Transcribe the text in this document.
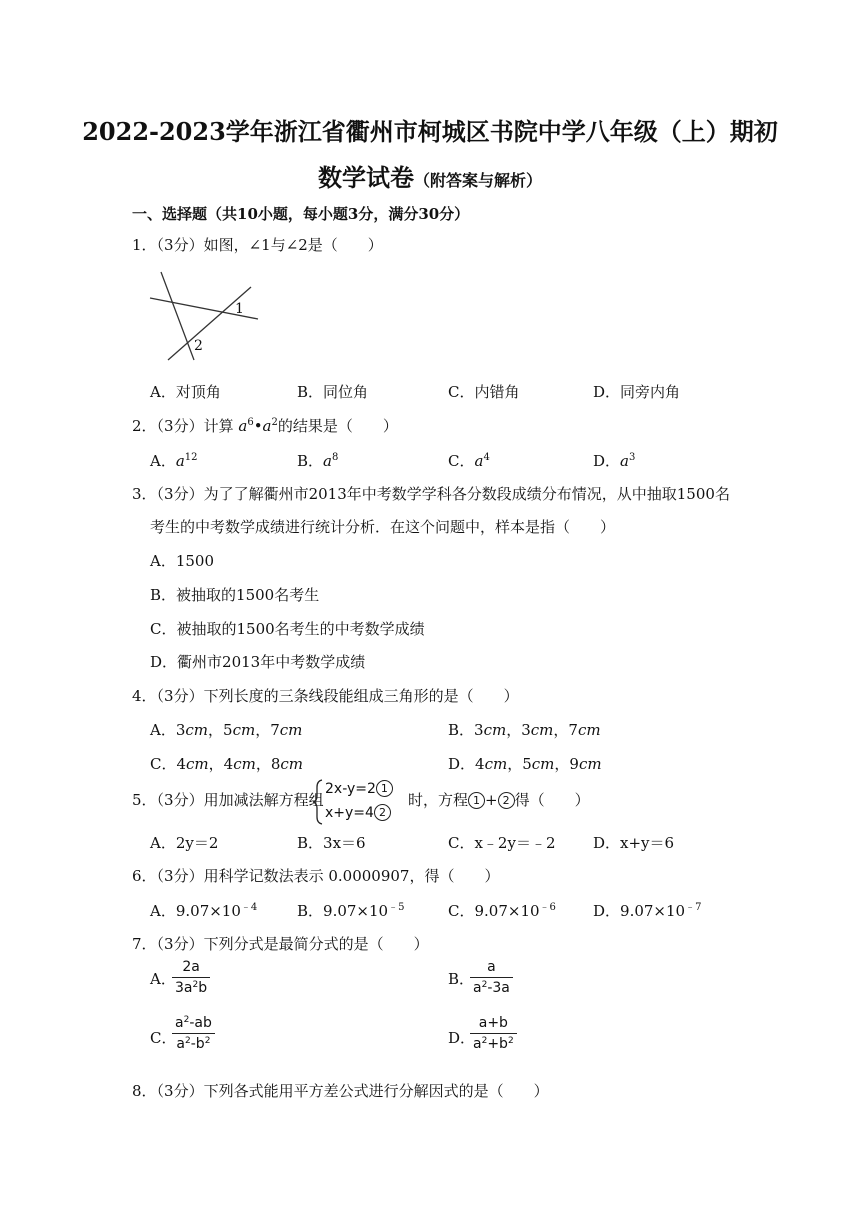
2022-2023学年浙江省衢州市柯城区书院中学八年级（上）期初
数学试卷（附答案与解析）
一、选择题（共10小题，每小题3分，满分30分）
1．（3分）如图，∠1与∠2是（　　）
1
2
A．对顶角	B．同位角	C．内错角	D．同旁内角
2．（3分）计算 $a^6•a^2$的结果是（　　）
A．$a^{12}$	B．$a^8$	C．$a^4$	D．$a^3$
3．（3分）为了了解衢州市2013年中考数学学科各分数段成绩分布情况，从中抽取1500名
考生的中考数学成绩进行统计分析．在这个问题中，样本是指（　　）
A．1500
B．被抽取的1500名考生
C．被抽取的1500名考生的中考数学成绩
D．衢州市2013年中考数学成绩
4．（3分）下列长度的三条线段能组成三角形的是（　　）
A．3cm，5cm，7cm	B．3cm，3cm，7cm
C．4cm，4cm，8cm	D．4cm，5cm，9cm
5．（3分）用加减法解方程组
2x-y=2 1
x+y=4 2
时，方程 1 + 2 得（　　）
A．2y＝2	B．3x＝6	C．x﹣2y＝﹣2	D．x+y＝6
6．（3分）用科学记数法表示 0.0000907，得（　　）
A．$9.07\times 10^{﹣4}$	B．$9.07\times 10^{﹣5}$	C．$9.07\times 10^{﹣6}$ D．$9.07\times 10^{﹣7}$
7．（3分）下列分式是最简分式的是（　　）
A．
$\frac{2a}{3a^2b}$	B．
$\frac{a}{a^2-3a}$
C．
$\frac{a^2-ab}{a^2-b^2}$	D．
$\frac{a+b}{a^2+b^2}$
8．（3分）下列各式能用平方差公式进行分解因式的是（　　）
